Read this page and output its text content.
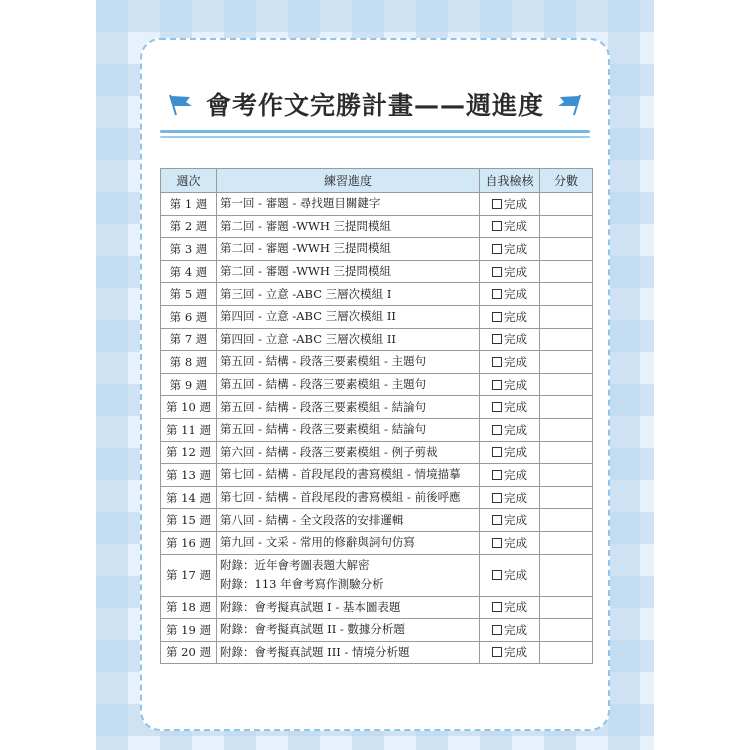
會考作文完勝計畫——週進度
週次	練習進度	自我檢核	分數
第 1 週	第一回 - 審題 - 尋找題目關鍵字	完成	
第 2 週	第二回 - 審題 -WWH 三提問模組	完成	
第 3 週	第二回 - 審題 -WWH 三提問模組	完成	
第 4 週	第二回 - 審題 -WWH 三提問模組	完成	
第 5 週	第三回 - 立意 -ABC 三層次模組 I	完成	
第 6 週	第四回 - 立意 -ABC 三層次模組 II	完成	
第 7 週	第四回 - 立意 -ABC 三層次模組 II	完成	
第 8 週	第五回 - 結構 - 段落三要素模組 - 主題句	完成	
第 9 週	第五回 - 結構 - 段落三要素模組 - 主題句	完成	
第 10 週	第五回 - 結構 - 段落三要素模組 - 結論句	完成	
第 11 週	第五回 - 結構 - 段落三要素模組 - 結論句	完成	
第 12 週	第六回 - 結構 - 段落三要素模組 - 例子剪裁	完成	
第 13 週	第七回 - 結構 - 首段尾段的書寫模組 - 情境描摹	完成	
第 14 週	第七回 - 結構 - 首段尾段的書寫模組 - 前後呼應	完成	
第 15 週	第八回 - 結構 - 全文段落的安排邏輯	完成	
第 16 週	第九回 - 文采 - 常用的修辭與詞句仿寫	完成	
第 17 週	附錄：近年會考圖表題大解密
附錄：113 年會考寫作測驗分析	完成	
第 18 週	附錄：會考擬真試題 I - 基本圖表題	完成	
第 19 週	附錄：會考擬真試題 II - 數據分析題	完成	
第 20 週	附錄：會考擬真試題 III - 情境分析題	完成	
